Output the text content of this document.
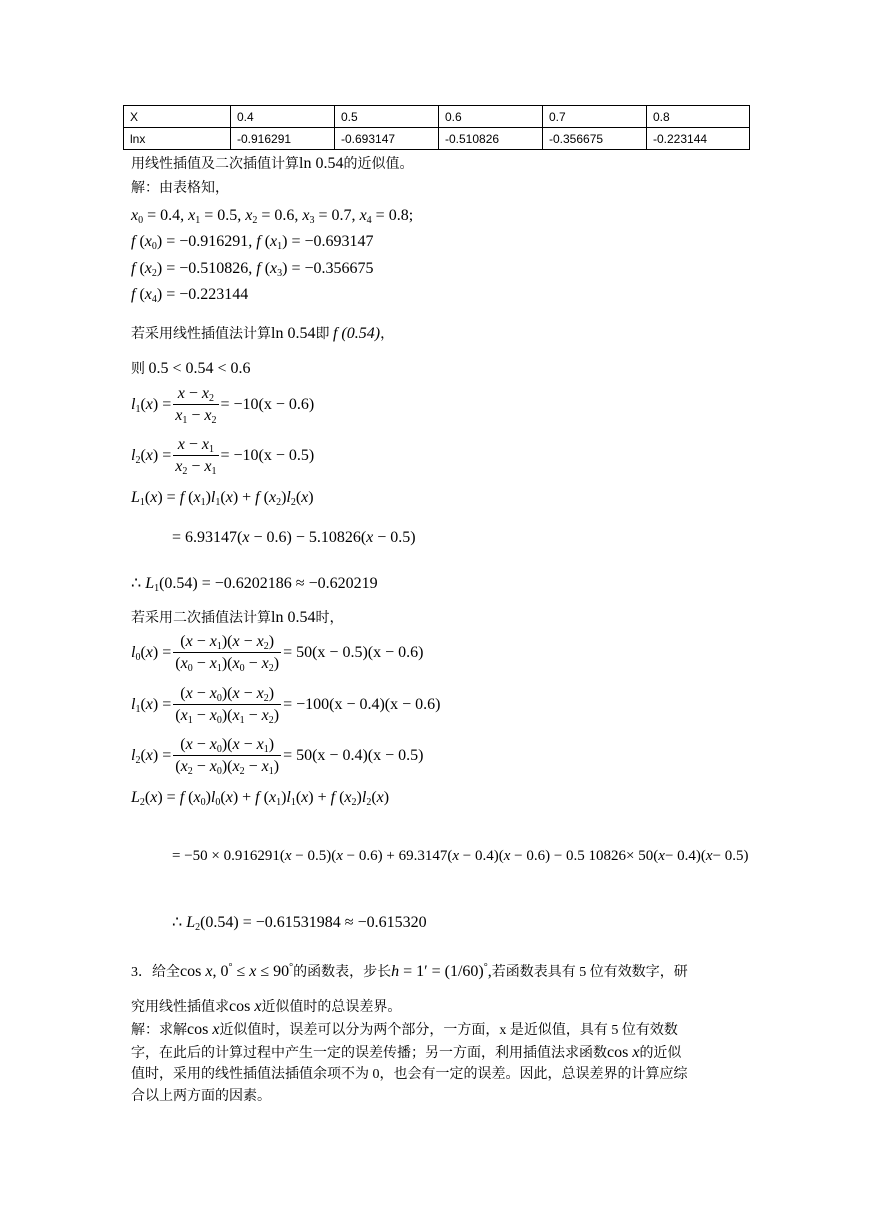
X	0.4	0.5	0.6	0.7	0.8
lnx	-0.916291	-0.693147	-0.510826	-0.356675	-0.223144
用线性插值及二次插值计算ln 0.54的近似值。
解：由表格知，
$x_0 = 0.4$, $x_1 = 0.5$, $x_2 = 0.6$, $x_3 = 0.7$, $x_4 = 0.8$;
f $(x_0) = -0.916291$, f $(x_1) = -0.693147$
f $(x_2) = -0.510826$, f $(x_3) = -0.356675$
f $(x_4) = -0.223144$
若采用线性插值法计算ln 0.54即 f (0.54)，
则 0.5 < 0.54 < 0.6
$l_1(x) = \frac{x - x_2}{x_1 - x_2} = -10(x - 0.6)$
$l_2(x) = \frac{x - x_1}{x_2 - x_1} = -10(x - 0.5)$
$L_1(x) = f$ $(x_1)l_1(x) + f$ $(x_2)l_2(x)$
= 6.93147(x − 0.6) − 5.10826(x − 0.5)
∴ $L_1(0.54) = -0.6202186 \approx -0.620219$
若采用二次插值法计算ln 0.54时，
$l_0(x) = \frac{(x - x_1)(x - x_2)}{(x_0 - x_1)(x_0 - x_2)} = 50(x - 0.5)(x - 0.6)$
$l_1(x) = \frac{(x - x_0)(x - x_2)}{(x_1 - x_0)(x_1 - x_2)} = -100(x - 0.4)(x - 0.6)$
$l_2(x) = \frac{(x - x_0)(x - x_1)}{(x_2 - x_0)(x_2 - x_1)} = 50(x - 0.4)(x - 0.5)$
$L_2(x) = f$ $(x_0)l_0(x) + f$ $(x_1)l_1(x) + f$ $(x_2)l_2(x)$
= −50 × 0.916291(x − 0.5)(x − 0.6) + 69.3147(x − 0.4)(x − 0.6) − 0.5 10826× 50(x− 0.4)(x− 0.5)
∴ $L_2(0.54) = -0.61531984 \approx -0.615320$
3．给全cos x, 0° ≤ x ≤ 90°的函数表，步长h = 1′ = (1/60)°,若函数表具有 5 位有效数字，研
究用线性插值求cos x近似值时的总误差界。
解：求解cos x近似值时，误差可以分为两个部分，一方面，x 是近似值，具有 5 位有效数
字，在此后的计算过程中产生一定的误差传播；另一方面，利用插值法求函数cos x的近似
值时，采用的线性插值法插值余项不为 0，也会有一定的误差。因此，总误差界的计算应综
合以上两方面的因素。
